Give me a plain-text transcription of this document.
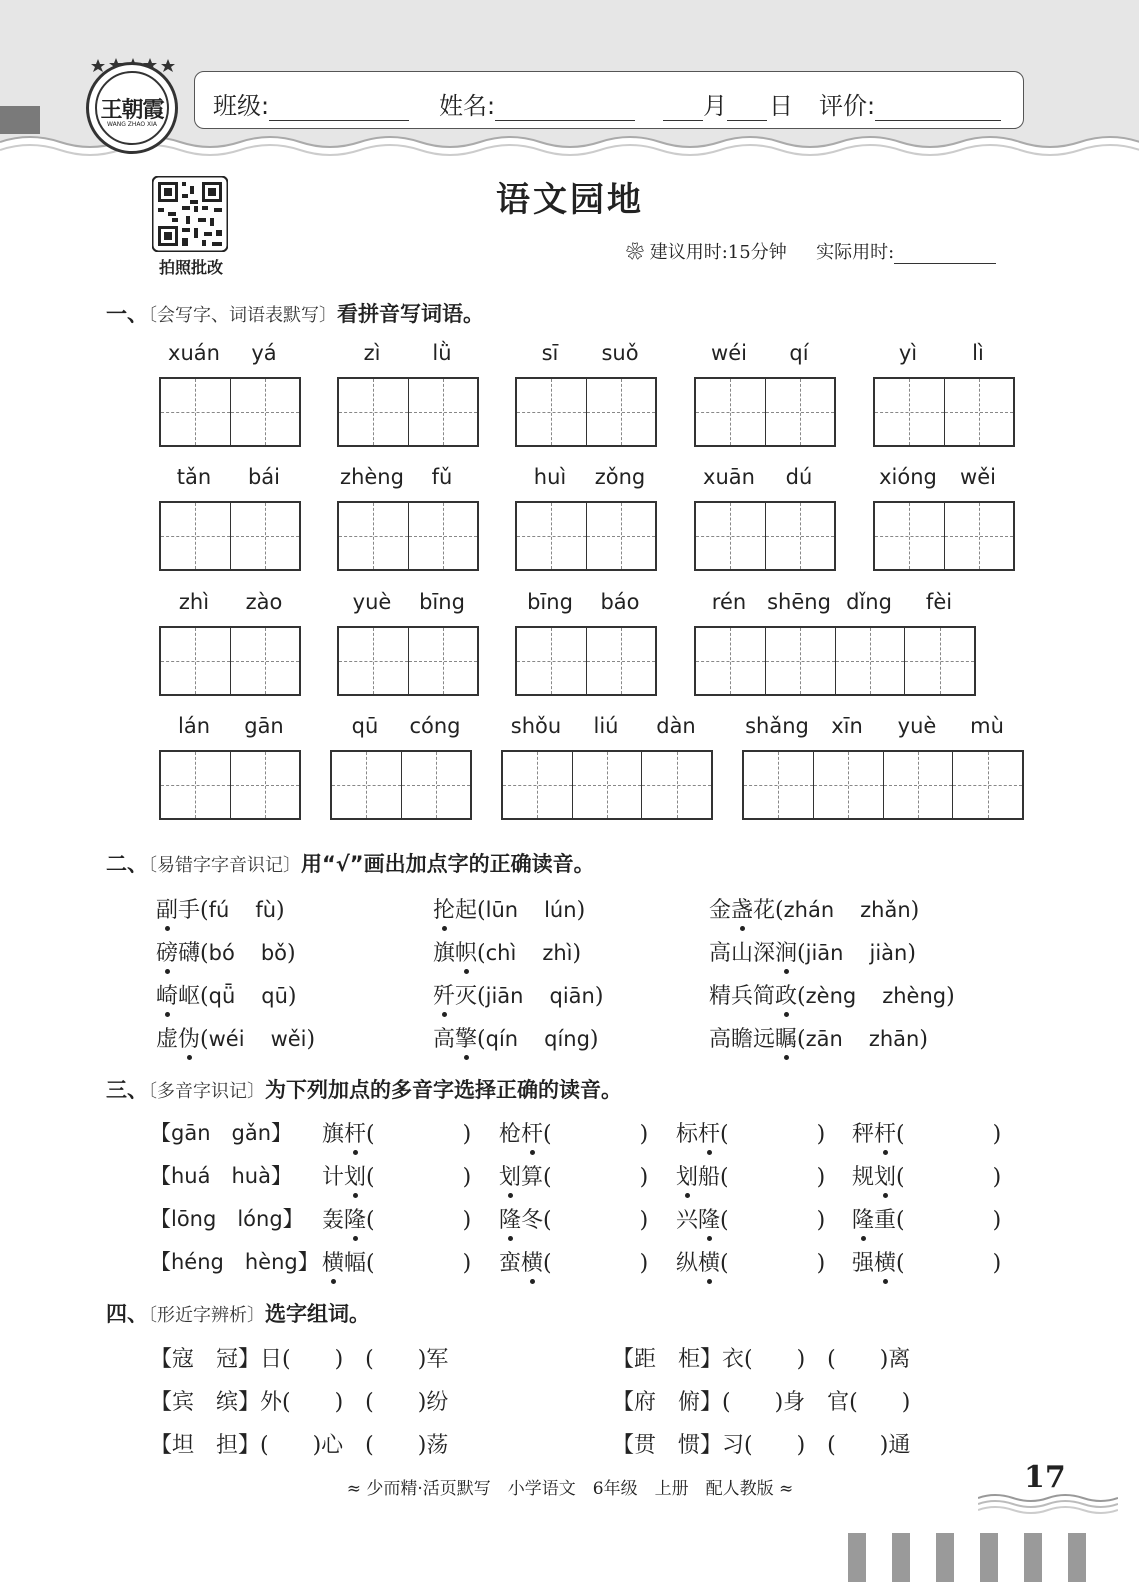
王朝霞
WANG ZHAO XIA
班级:	姓名:	月 日 评价:
拍照批改
语文园地
❀ 建议用时:15分钟 实际用时:
一、〔会写字、词语表默写〕看拼音写词语。
xuán	yá	zì	lǜ	sī	suǒ	wéi	qí	yì	lì
tǎn	bái	zhèng	fǔ	huì	zǒng	xuān	dú	xióng	wěi
zhì	zào	yuè	bīng	bīng	báo	rén shēng dǐng	fèi
lán	gān	qū	cóng	shǒu	liú	dàn	shǎng	xīn	yuè	mù
二、〔易错字字音识记〕用“√”画出加点字的正确读音。
副手(fú fù)	抡起(lūn lún)	金盏花(zhán zhǎn)
磅礴(bó bǒ)	旗帜(chì zhì)	高山深涧(jiān jiàn)
崎岖(qǖ qū)	歼灭(jiān qiān)	精兵简政(zèng zhèng)
虚伪(wéi wěi)	高擎(qín qíng)	高瞻远瞩(zān zhān)
三、〔多音字识记〕为下列加点的多音字选择正确的读音。
【gān　gǎn】 旗杆(　　　　) 枪杆(　　　　) 标杆(　　　　) 秤杆(　　　　)
【huá　huà】 计划(　　　　) 划算(　　　　) 划船(　　　　) 规划(　　　　)
【lōng　lóng】 轰隆(　　　　) 隆冬(　　　　) 兴隆(　　　　) 隆重(　　　　)
【héng　hèng】 横幅(　　　　) 蛮横(　　　　) 纵横(　　　　) 强横(　　　　)
四、〔形近字辨析〕选字组词。
【寇　冠】日(　　)　(　　)军	【距　柜】衣(　　)　(　　)离
【宾　缤】外(　　)　(　　)纷	【府　俯】(　　)身　官(　　)
【坦　担】(　　)心　(　　)荡	【贯　惯】习(　　)　(　　)通
≈ 少而精·活页默写　小学语文　6年级　上册　配人教版 ≈	17
